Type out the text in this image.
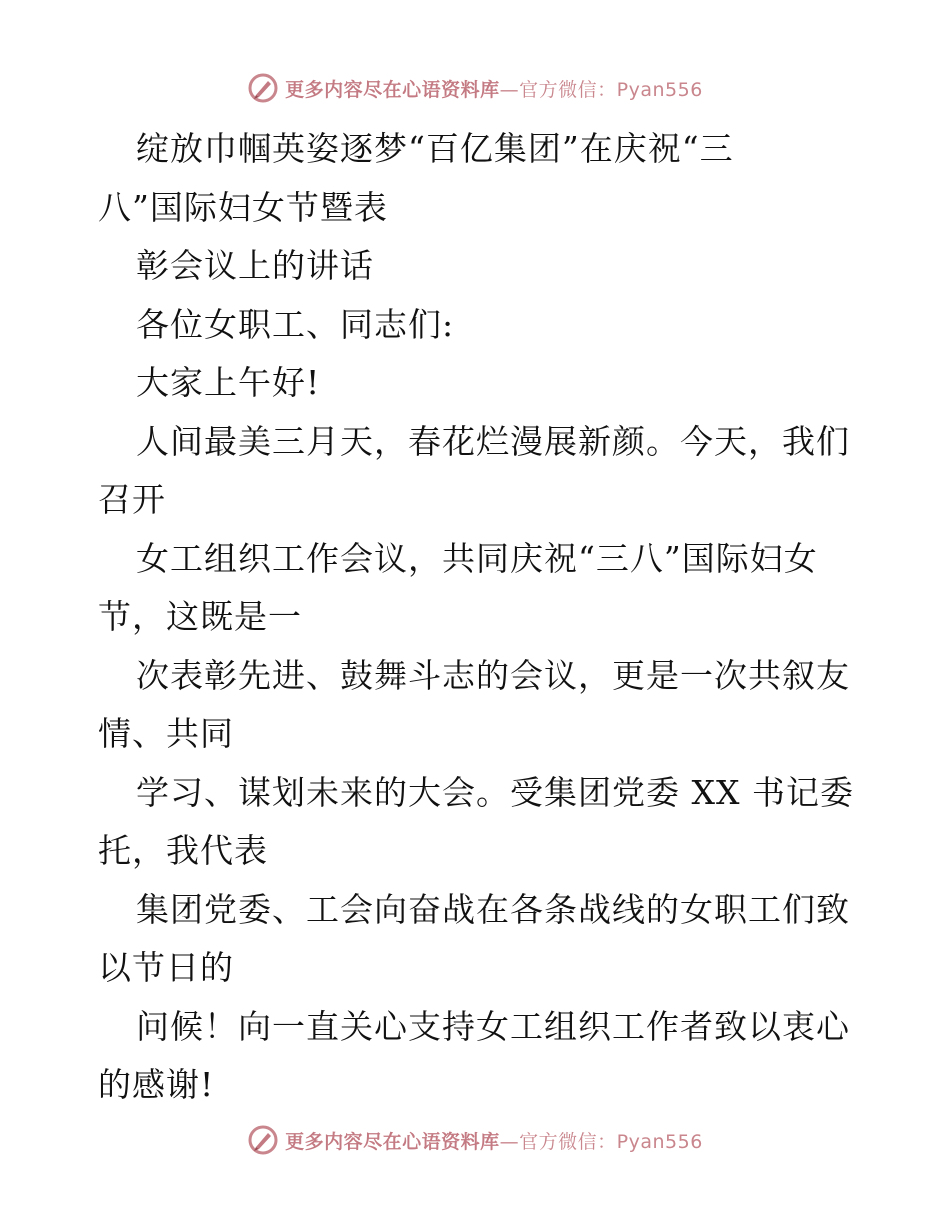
更多内容尽在心语资料库—官方微信：Pyan556
绽放巾帼英姿逐梦“百亿集团”在庆祝“三
八”国际妇女节暨表
彰会议上的讲话
各位女职工、同志们:
大家上午好!
人间最美三月天，春花烂漫展新颜。今天，我们
召开
女工组织工作会议，共同庆祝“三八”国际妇女
节，这既是一
次表彰先进、鼓舞斗志的会议，更是一次共叙友
情、共同
学习、谋划未来的大会。受集团党委 XX 书记委
托，我代表
集团党委、工会向奋战在各条战线的女职工们致
以节日的
问候！向一直关心支持女工组织工作者致以衷心
的感谢!
更多内容尽在心语资料库—官方微信：Pyan556
